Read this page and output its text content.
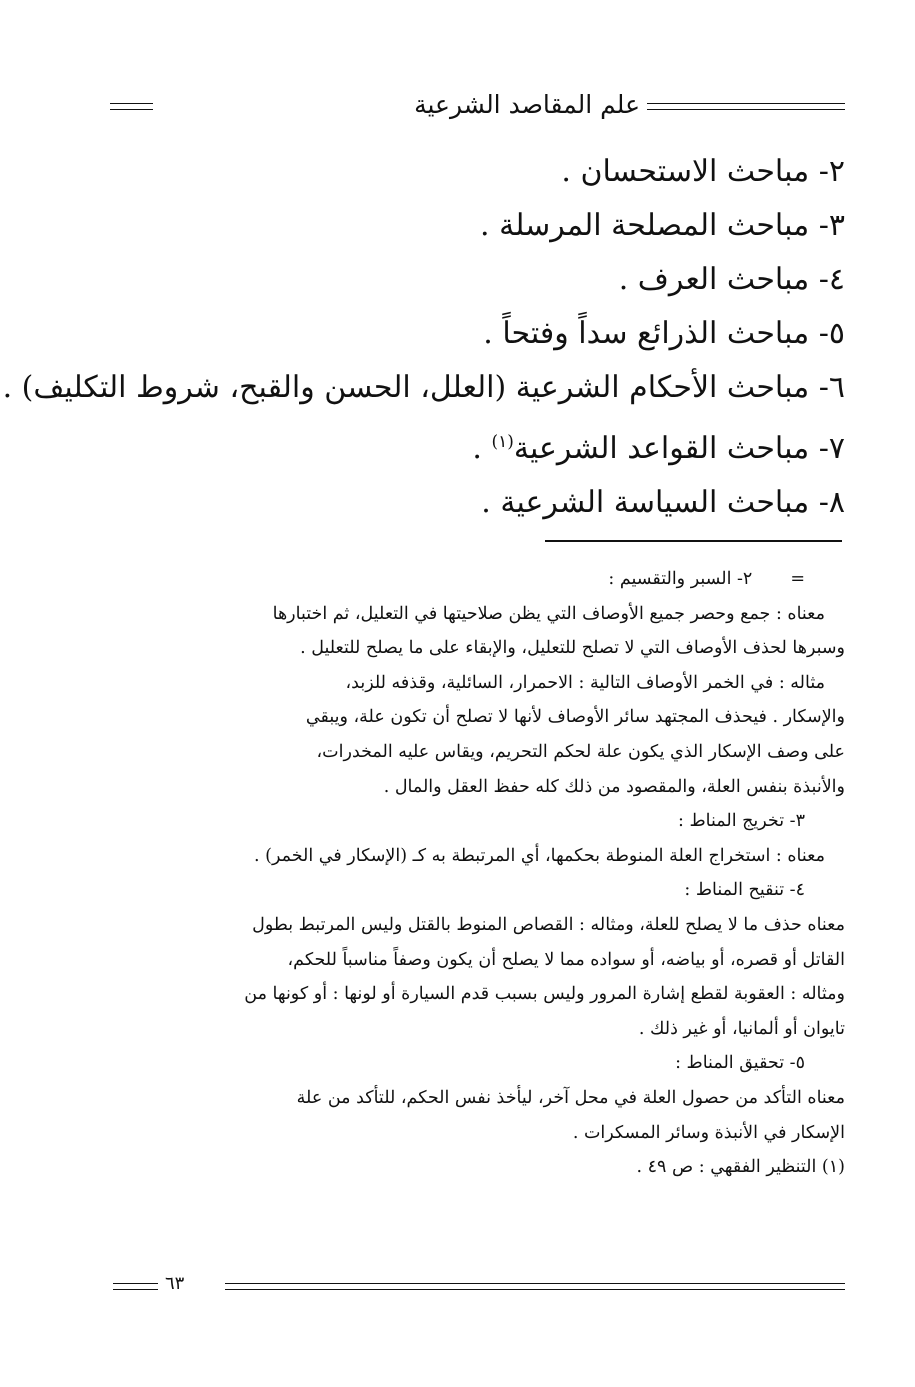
علم المقاصد الشرعية
٢- مباحث الاستحسان .
٣- مباحث المصلحة المرسلة .
٤- مباحث العرف .
٥- مباحث الذرائع سداً وفتحاً .
٦- مباحث الأحكام الشرعية (العلل، الحسن والقبح، شروط التكليف) .
٧- مباحث القواعد الشرعية$^{(١)}$ .
٨- مباحث السياسة الشرعية .
=٢- السبر والتقسيم :
معناه : جمع وحصر جميع الأوصاف التي يظن صلاحيتها في التعليل، ثم اختبارها
وسبرها لحذف الأوصاف التي لا تصلح للتعليل، والإبقاء على ما يصلح للتعليل .
مثاله : في الخمر الأوصاف التالية : الاحمرار، السائلية، وقذفه للزبد،
والإسكار . فيحذف المجتهد سائر الأوصاف لأنها لا تصلح أن تكون علة، ويبقي
على وصف الإسكار الذي يكون علة لحكم التحريم، ويقاس عليه المخدرات،
والأنبذة بنفس العلة، والمقصود من ذلك كله حفظ العقل والمال .
٣- تخريج المناط :
معناه : استخراج العلة المنوطة بحكمها، أي المرتبطة به كـ (الإسكار في الخمر) .
٤- تنقيح المناط :
معناه حذف ما لا يصلح للعلة، ومثاله : القصاص المنوط بالقتل وليس المرتبط بطول
القاتل أو قصره، أو بياضه، أو سواده مما لا يصلح أن يكون وصفاً مناسباً للحكم،
ومثاله : العقوبة لقطع إشارة المرور وليس بسبب قدم السيارة أو لونها : أو كونها من
تايوان أو ألمانيا، أو غير ذلك .
٥- تحقيق المناط :
معناه التأكد من حصول العلة في محل آخر، ليأخذ نفس الحكم، للتأكد من علة
الإسكار في الأنبذة وسائر المسكرات .
(١) التنظير الفقهي : ص ٤٩ .
٦٣
